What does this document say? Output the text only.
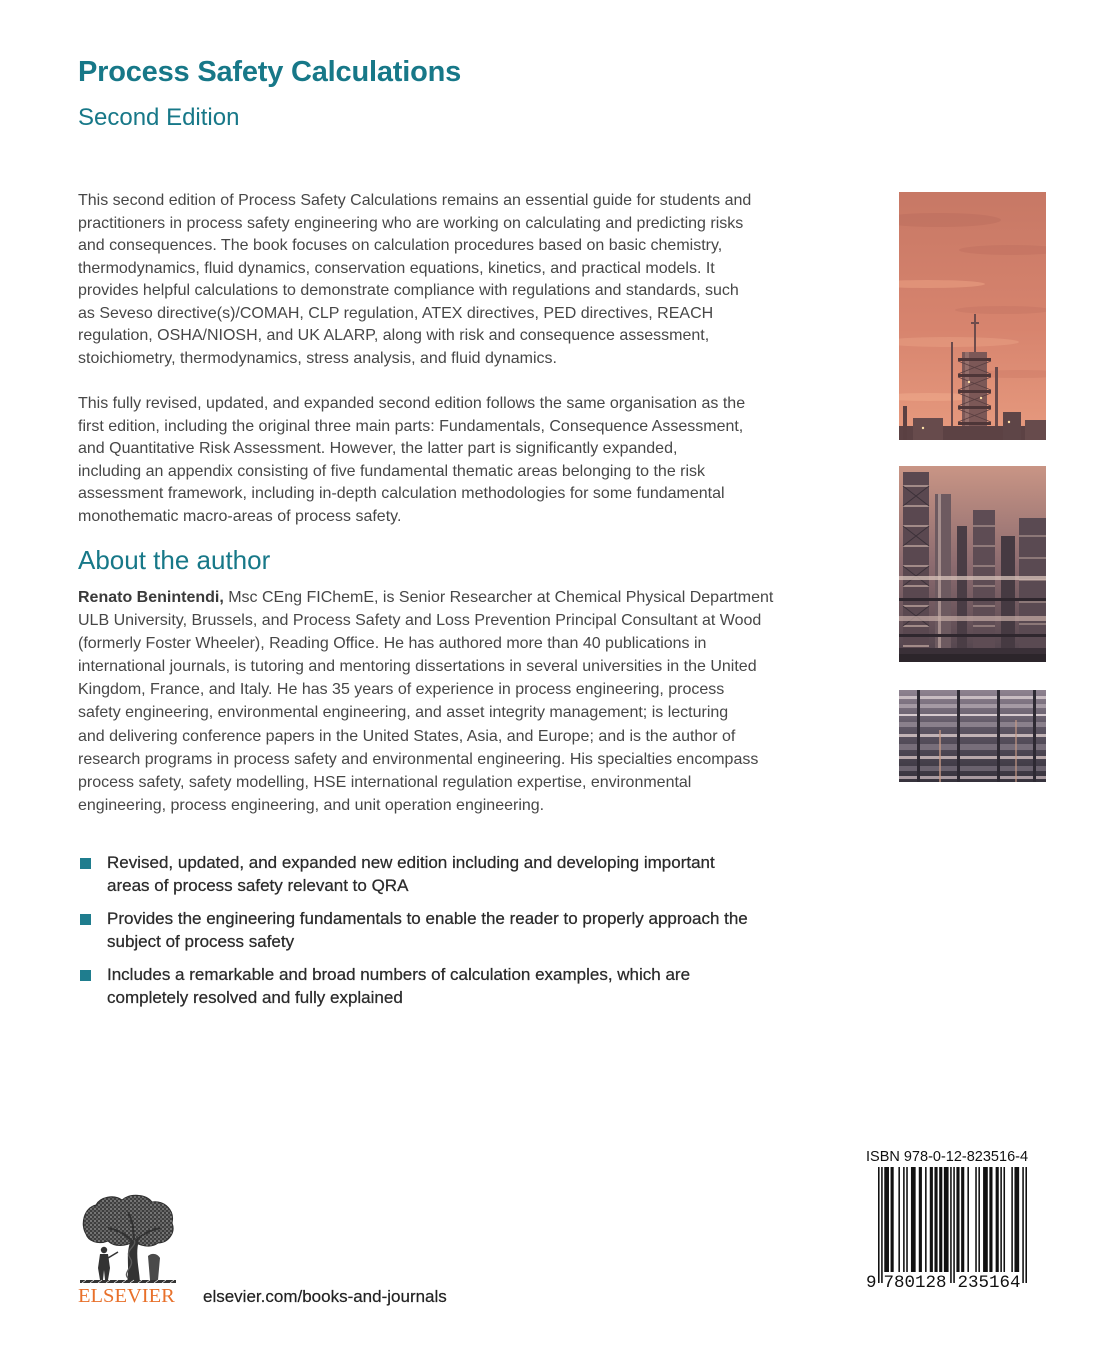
Process Safety Calculations
Second Edition
This second edition of Process Safety Calculations remains an essential guide for students and
practitioners in process safety engineering who are working on calculating and predicting risks
and consequences. The book focuses on calculation procedures based on basic chemistry,
thermodynamics, fluid dynamics, conservation equations, kinetics, and practical models. It
provides helpful calculations to demonstrate compliance with regulations and standards, such
as Seveso directive(s)/COMAH, CLP regulation, ATEX directives, PED directives, REACH
regulation, OSHA/NIOSH, and UK ALARP, along with risk and consequence assessment,
stoichiometry, thermodynamics, stress analysis, and fluid dynamics.
This fully revised, updated, and expanded second edition follows the same organisation as the
first edition, including the original three main parts: Fundamentals, Consequence Assessment,
and Quantitative Risk Assessment. However, the latter part is significantly expanded,
including an appendix consisting of five fundamental thematic areas belonging to the risk
assessment framework, including in-depth calculation methodologies for some fundamental
monothematic macro-areas of process safety.
About the author
Renato Benintendi, Msc CEng FIChemE, is Senior Researcher at Chemical Physical Department
ULB University, Brussels, and Process Safety and Loss Prevention Principal Consultant at Wood
(formerly Foster Wheeler), Reading Office. He has authored more than 40 publications in
international journals, is tutoring and mentoring dissertations in several universities in the United
Kingdom, France, and Italy. He has 35 years of experience in process engineering, process
safety engineering, environmental engineering, and asset integrity management; is lecturing
and delivering conference papers in the United States, Asia, and Europe; and is the author of
research programs in process safety and environmental engineering. His specialties encompass
process safety, safety modelling, HSE international regulation expertise, environmental
engineering, process engineering, and unit operation engineering.
Revised, updated, and expanded new edition including and developing important
areas of process safety relevant to QRA
Provides the engineering fundamentals to enable the reader to properly approach the
subject of process safety
Includes a remarkable and broad numbers of calculation examples, which are
completely resolved and fully explained
ISBN 978-0-12-823516-4
9 780128 235164
ELSEVIER elsevier.com/books-and-journals
